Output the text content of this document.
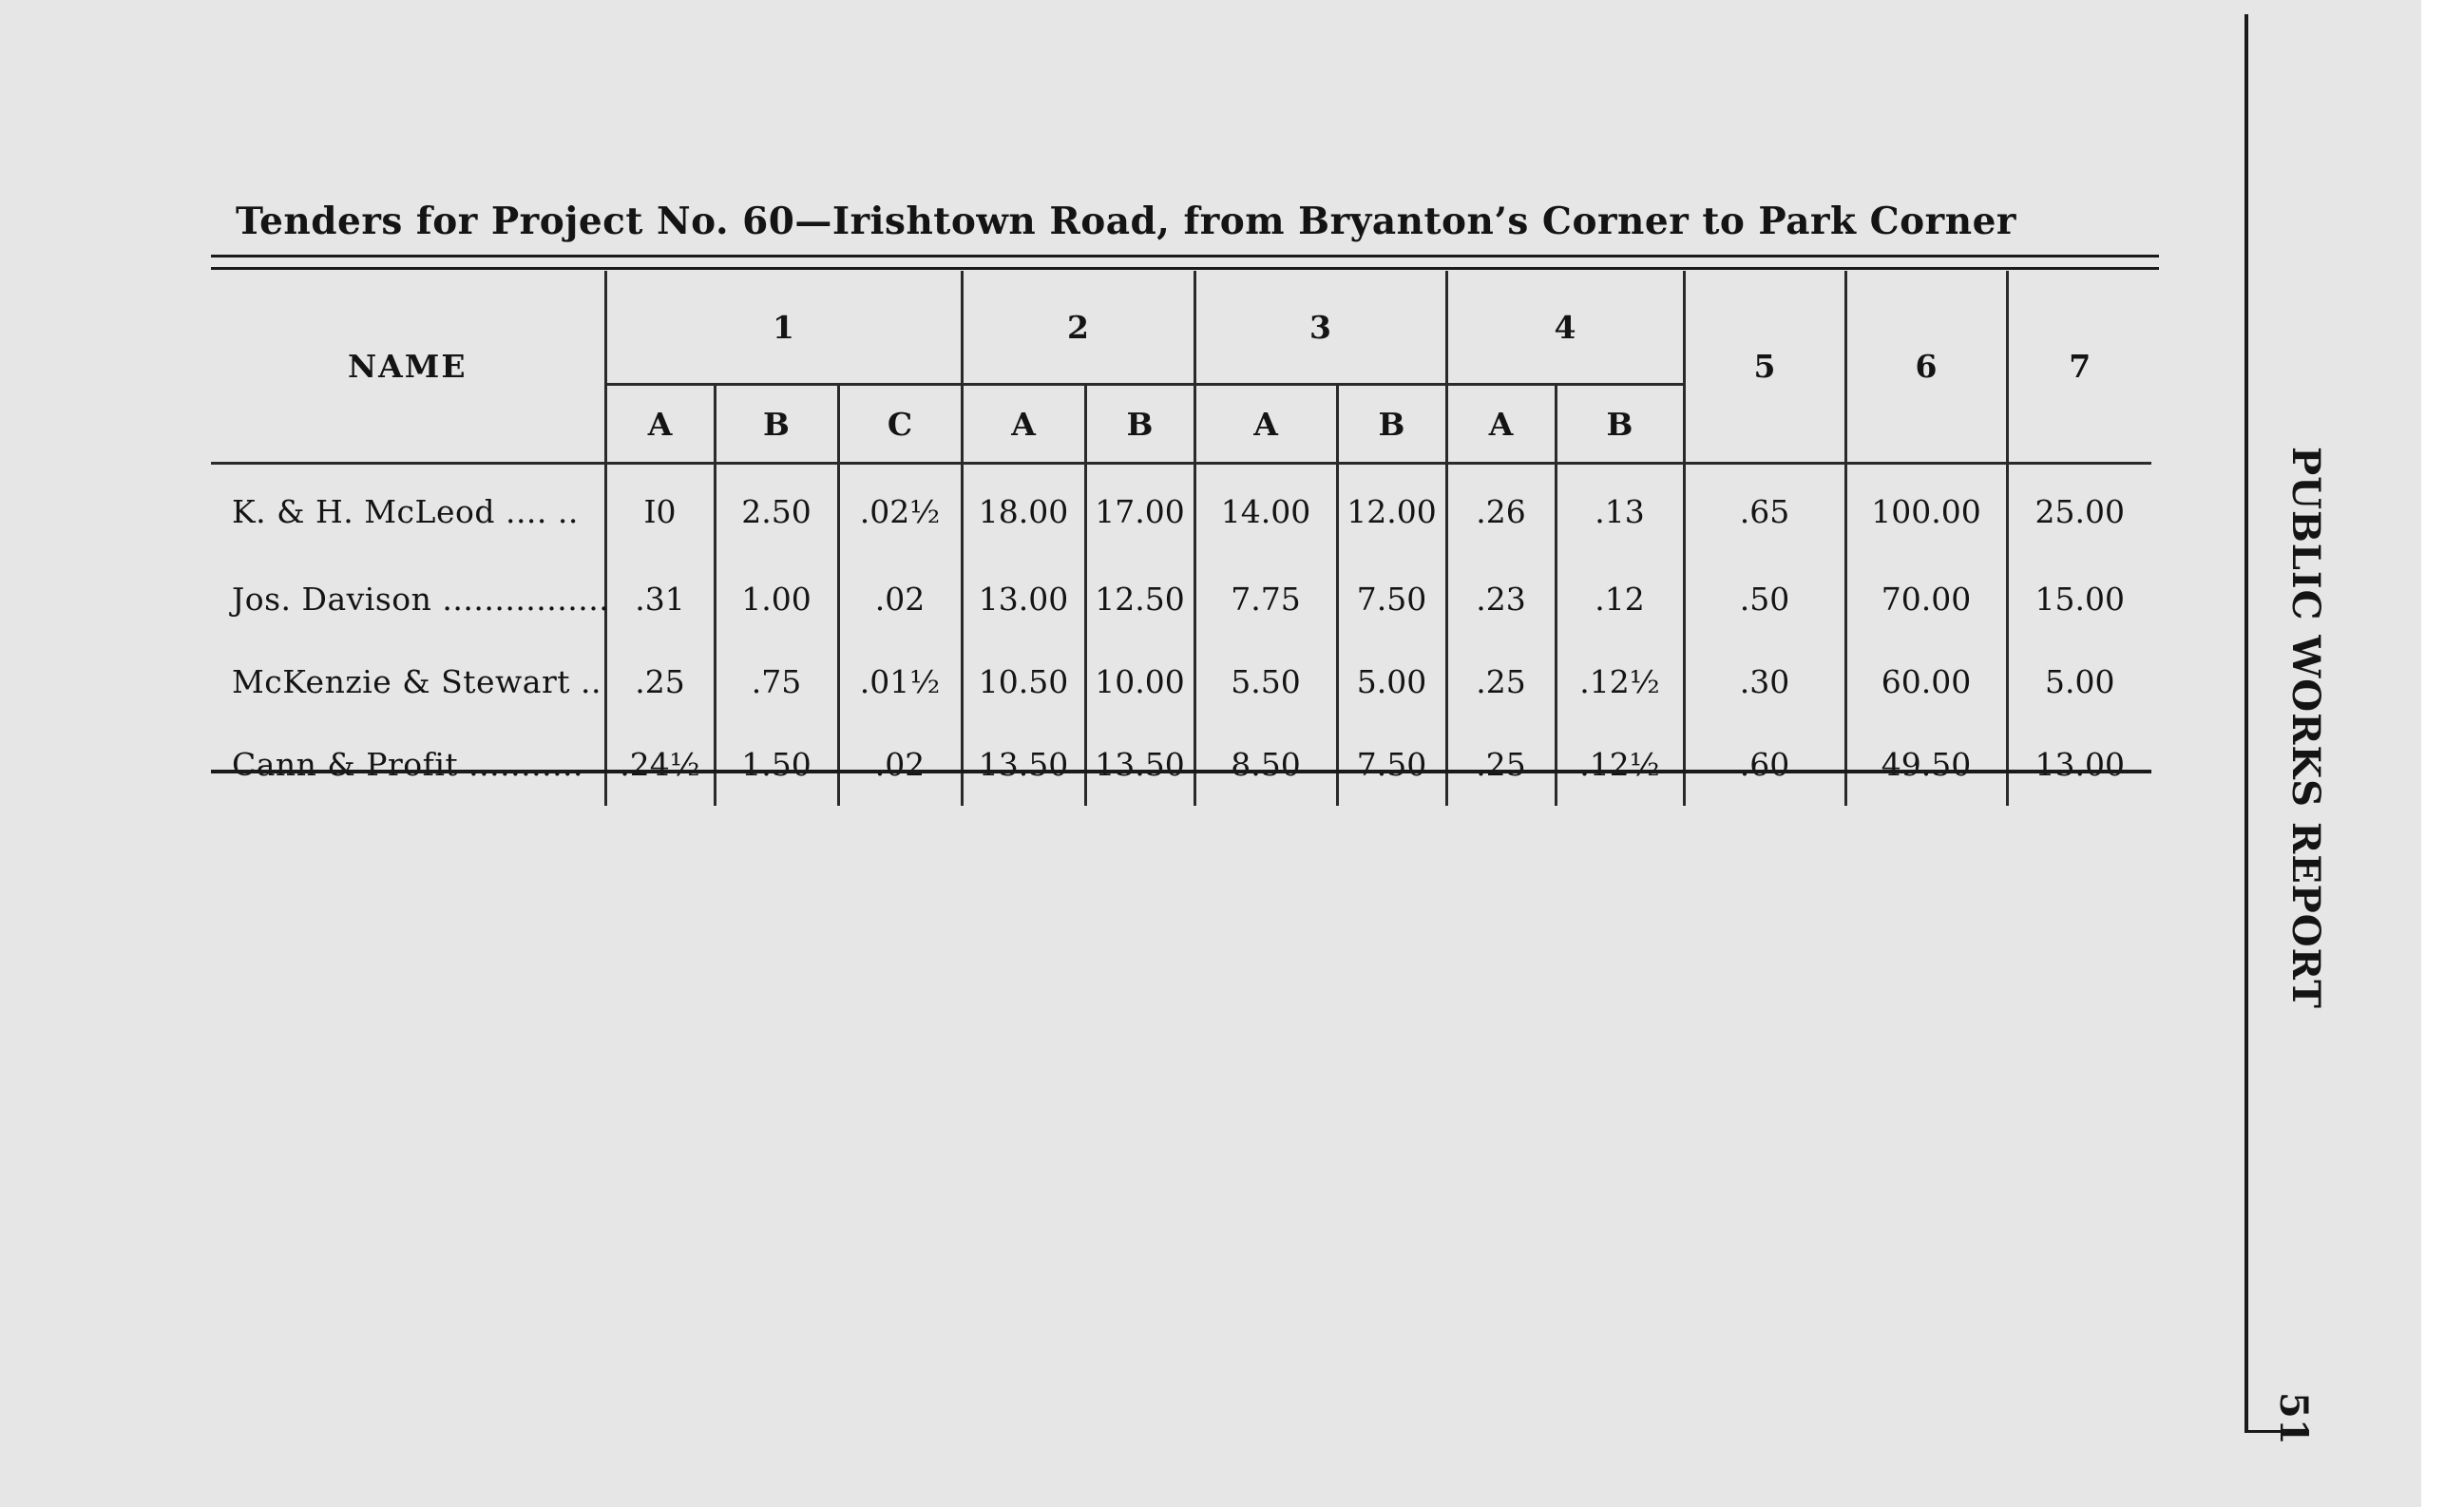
Tenders for Project No. 60—Irishtown Road, from Bryanton’s Corner to Park Corner
NAME	1			2		3		4		5	6	7
	A	B	C	A	B	A	B	A	B			
K. & H. McLeod .... ..	I0	2.50	.02½	18.00	17.00	14.00	12.00	.26	.13	.65	100.00	25.00
Jos. Davison ................	.31	1.00	.02	13.00	12.50	7.75	7.50	.23	.12	.50	70.00	15.00
McKenzie & Stewart ..	.25	.75	.01½	10.50	10.00	5.50	5.00	.25	.12½	.30	60.00	5.00
Cann & Profit ...........	.24½	1.50	.02	13.50	13.50	8.50	7.50	.25	.12½	.60	49.50	13.00	PUBLIC WORKS REPORT
51
